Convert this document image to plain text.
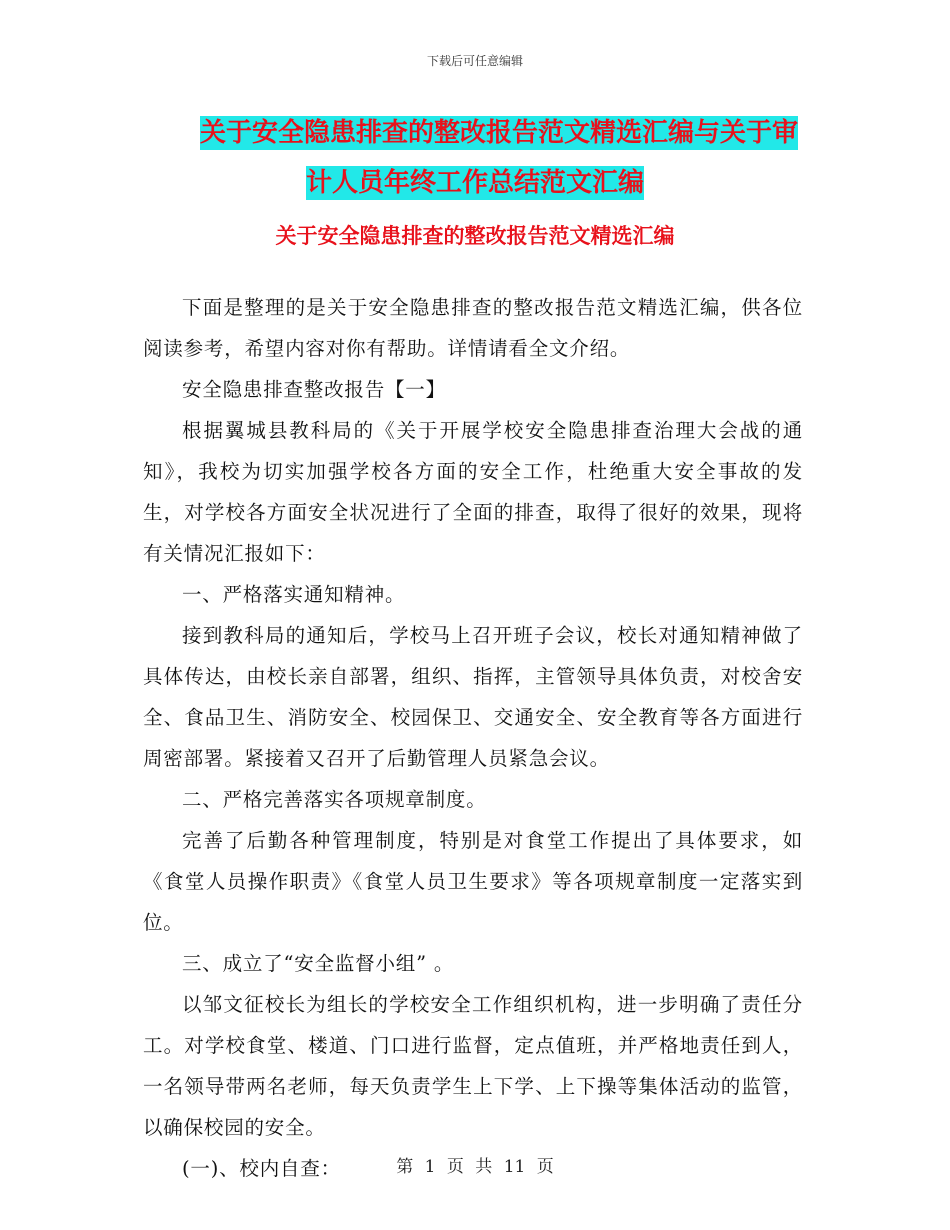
下载后可任意编辑
关于安全隐患排查的整改报告范文精选汇编与关于审
计人员年终工作总结范文汇编
关于安全隐患排查的整改报告范文精选汇编

下面是整理的是关于安全隐患排查的整改报告范文精选汇编，供各位阅读参考，希望内容对你有帮助。详情请看全文介绍。

安全隐患排查整改报告【一】

根据翼城县教科局的《关于开展学校安全隐患排查治理大会战的通知》，我校为切实加强学校各方面的安全工作，杜绝重大安全事故的发生，对学校各方面安全状况进行了全面的排查，取得了很好的效果，现将有关情况汇报如下：

一、严格落实通知精神。

接到教科局的通知后，学校马上召开班子会议，校长对通知精神做了具体传达，由校长亲自部署，组织、指挥，主管领导具体负责，对校舍安全、食品卫生、消防安全、校园保卫、交通安全、安全教育等各方面进行周密部署。紧接着又召开了后勤管理人员紧急会议。

二、严格完善落实各项规章制度。

完善了后勤各种管理制度，特别是对食堂工作提出了具体要求，如《食堂人员操作职责》《食堂人员卫生要求》等各项规章制度一定落实到位。

三、成立了“安全监督小组” 。

以邹文征校长为组长的学校安全工作组织机构，进一步明确了责任分工。对学校食堂、楼道、门口进行监督，定点值班，并严格地责任到人，一名领导带两名老师，每天负责学生上下学、上下操等集体活动的监管，以确保校园的安全。

(一)、校内自查：	第 1 页 共 11 页
